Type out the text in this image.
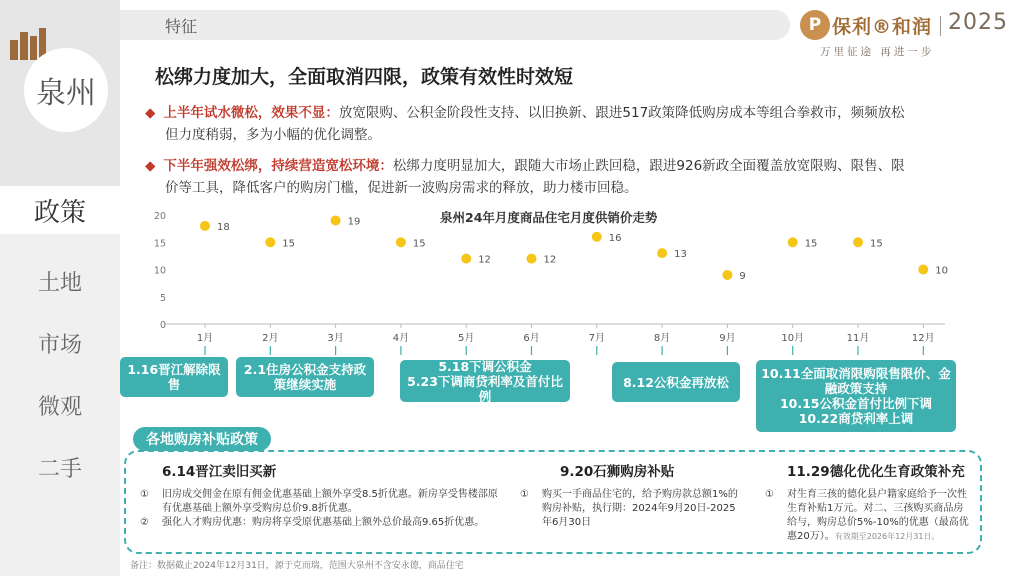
泉州
政策
土地
市场
微观
二手
特征	P 保利®和润 2025
万里征途 再进一步
松绑力度加大，全面取消四限，政策有效性时效短
◆ 上半年试水微松，效果不显：放宽限购、公积金阶段性支持、以旧换新、跟进517政策降低购房成本等组合拳救市，频频放松
但力度稍弱，多为小幅的优化调整。
◆ 下半年强效松绑，持续营造宽松环境：松绑力度明显加大，跟随大市场止跌回稳，跟进926新政全面覆盖放宽限购、限售、限
价等工具，降低客户的购房门槛，促进新一波购房需求的释放，助力楼市回稳。
0
5
10
15
20
1月
18
2月
15
3月
19
4月
15
5月
12
6月
12
7月
16
8月
13
9月
9
10月
15
11月
15
12月
10
泉州24年月度商品住宅月度供销价走势
1.16晋江解除限售
2.1住房公积金支持政策继续实施
5.18下调公积金
5.23下调商贷利率及首付比例
8.12公积金再放松
10.11全面取消限购限售限价、金融政策支持
10.15公积金首付比例下调
10.22商贷利率上调
各地购房补贴政策
6.14晋江卖旧买新
①	旧房成交佣金在原有佣金优惠基础上额外享受8.5折优惠。新房享受售楼部原有优惠基础上额外享受购房总价9.8折优惠。
②	强化人才购房优惠：购房将享受原优惠基础上额外总价最高9.65折优惠。
9.20石狮购房补贴
①	购买一手商品住宅的，给予购房款总额1%的购房补贴，执行期：2024年9月20日-2025年6月30日
11.29德化优化生育政策补充
①	对生育三孩的德化县户籍家庭给予一次性生育补贴1万元。对二、三孩购买商品房给与，购房总价5%-10%的优惠（最高优惠20万）。有效期至2026年12月31日。
备注：数据截止2024年12月31日，源于克而瑞，范围大泉州不含安永德，商品住宅
